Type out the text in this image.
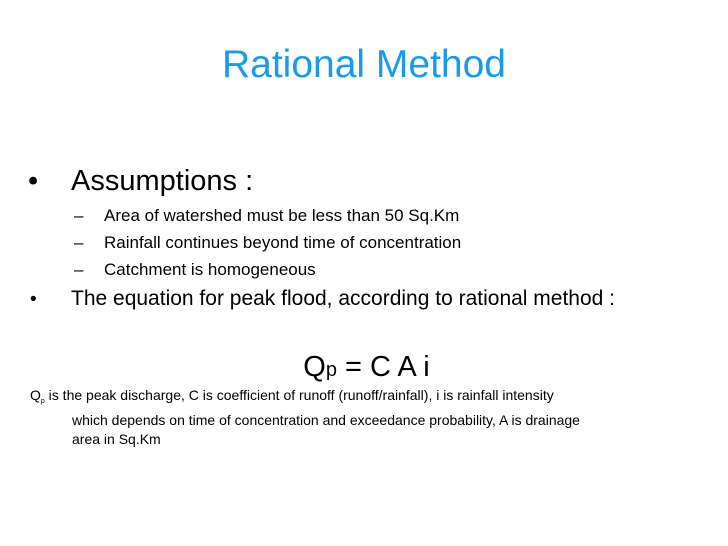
Rational Method
• Assumptions :
– Area of watershed must be less than 50 Sq.Km
– Rainfall continues beyond time of concentration
– Catchment is homogeneous
• The equation for peak flood, according to rational method :
Qp = C A i
$Q_p$ is the peak discharge, C is coefficient of runoff (runoff/rainfall), i is rainfall intensity
which depends on time of concentration and exceedance probability, A is drainage
area in Sq.Km
